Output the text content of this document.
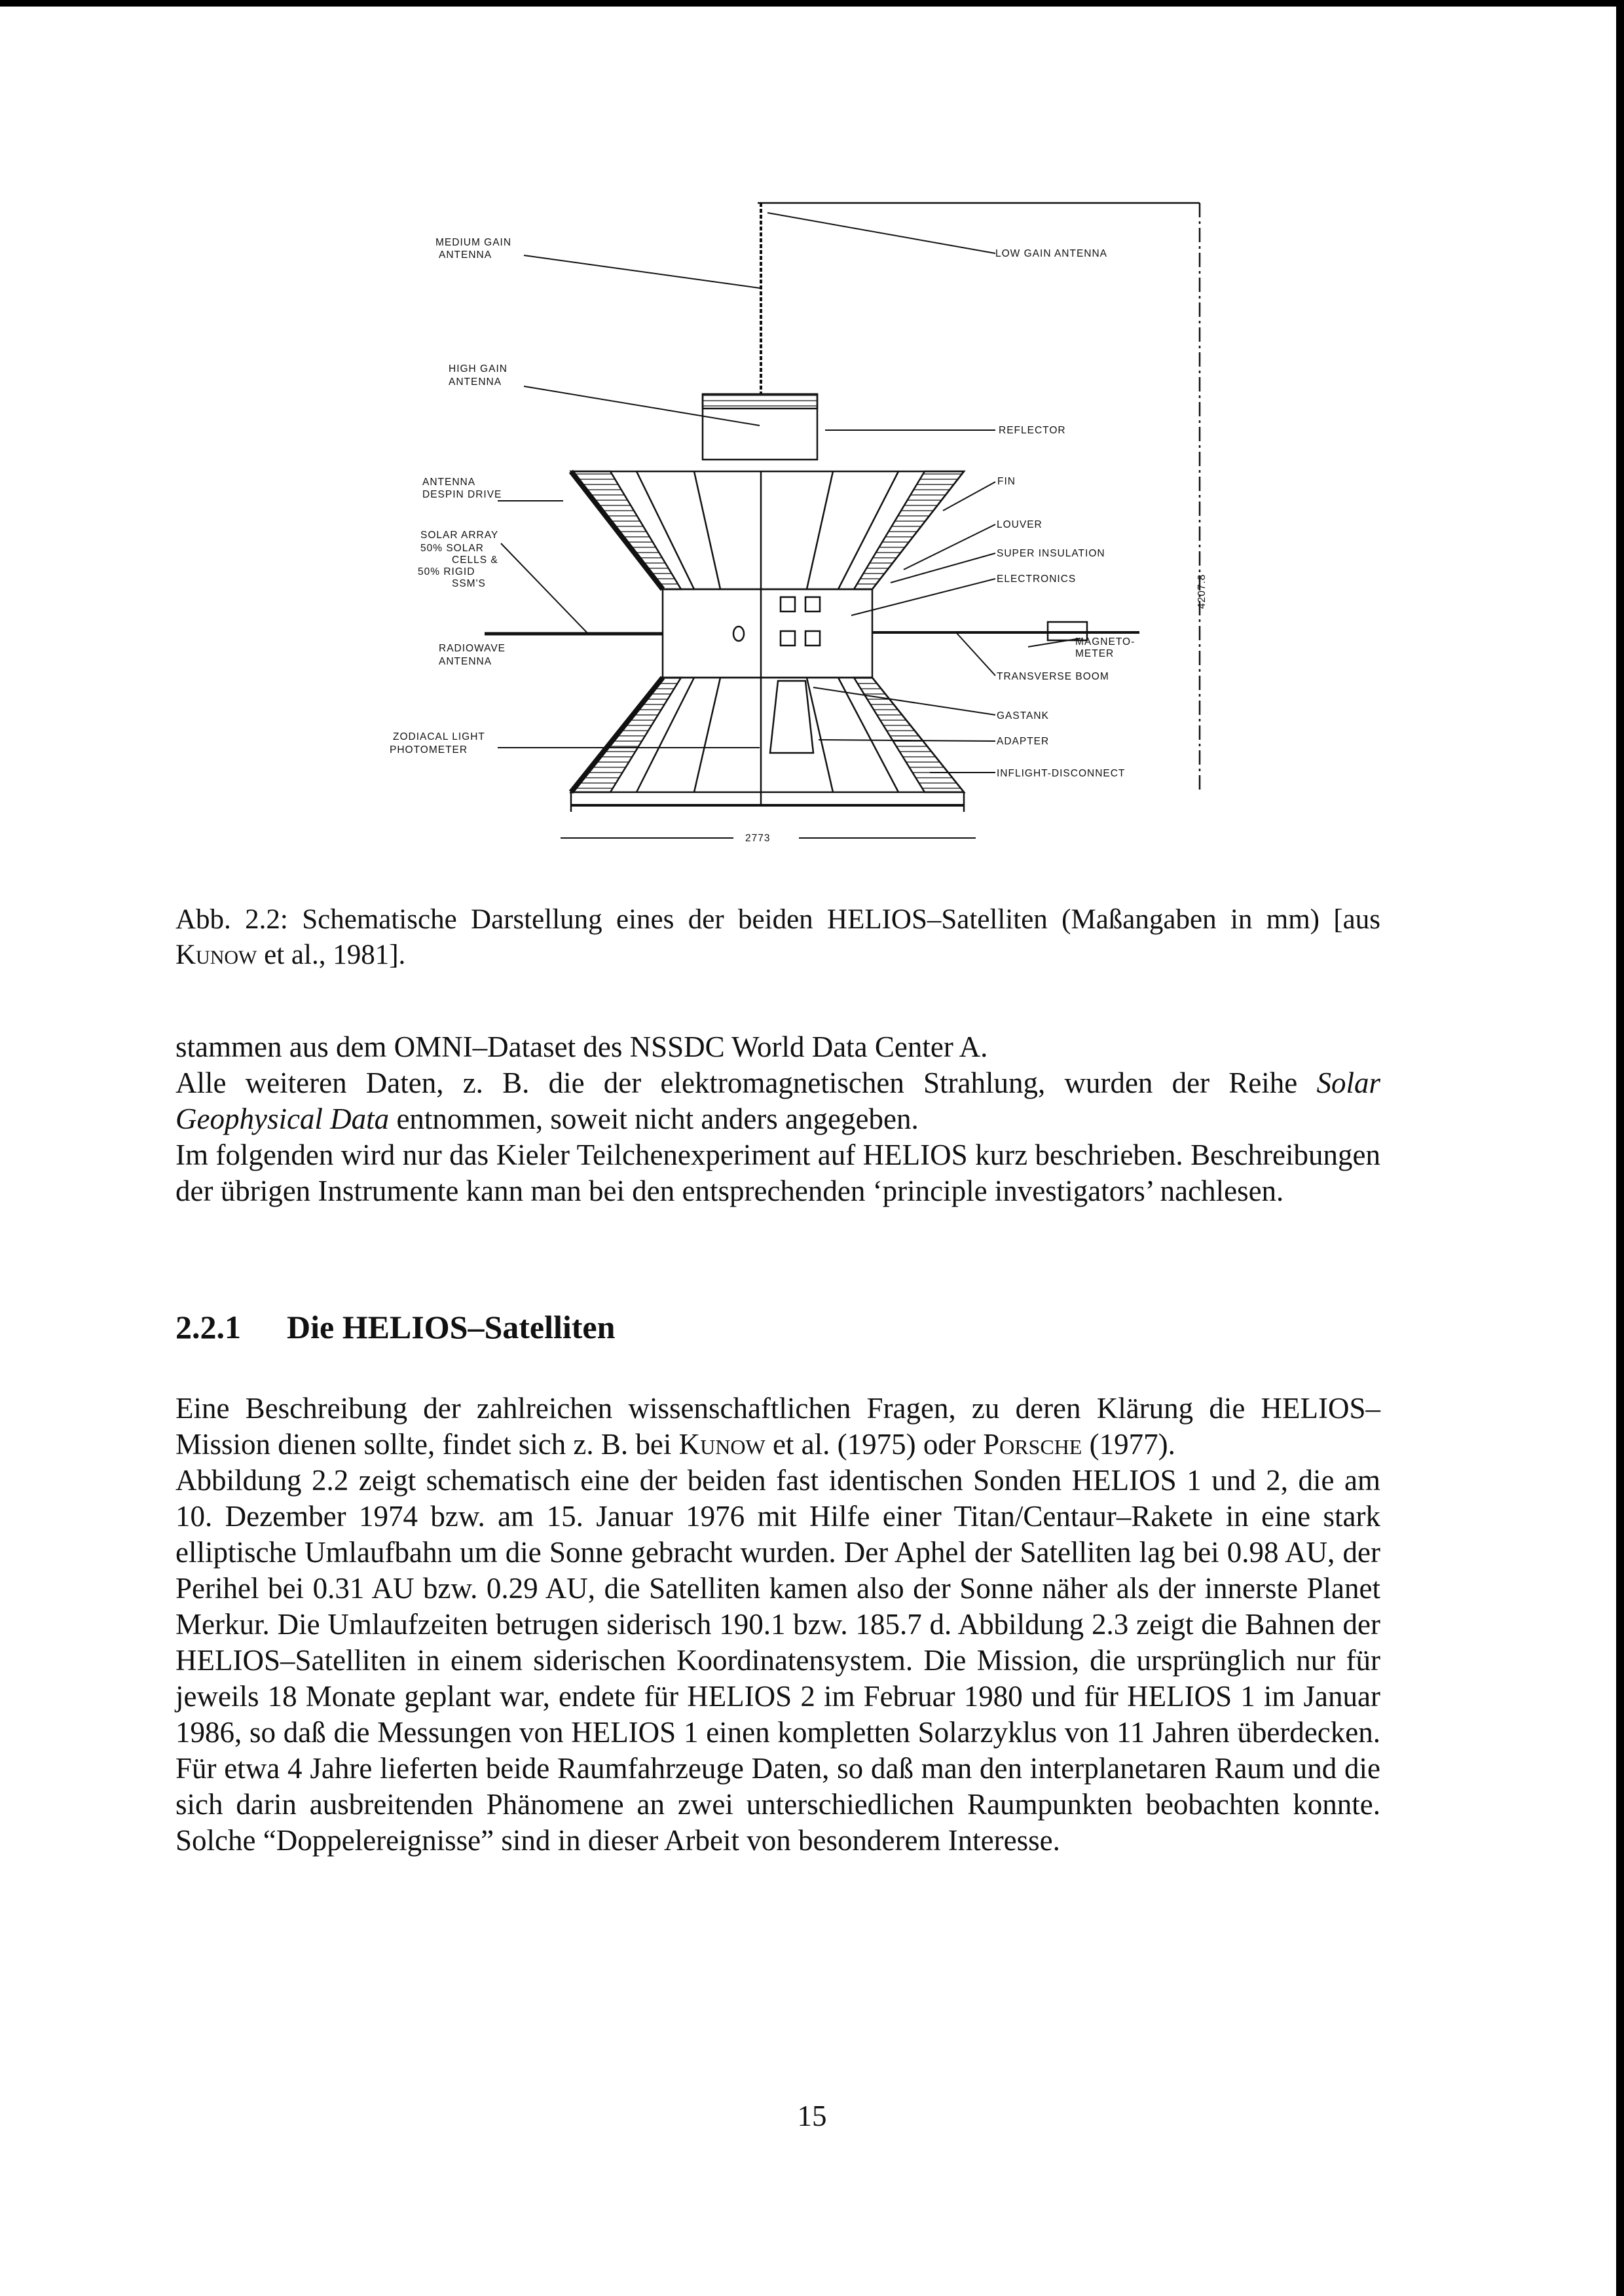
MEDIUM GAIN
ANTENNA	LOW GAIN ANTENNA
HIGH GAIN
ANTENNA
REFLECTOR
ANTENNA
DESPIN DRIVE
FIN
SOLAR ARRAY
50% SOLAR
CELLS &
50% RIGID
SSM'S
LOUVER
SUPER INSULATION
ELECTRONICS	4207.8
MAGNETO-
METER
RADIOWAVE
ANTENNA
TRANSVERSE BOOM
GASTANK
ZODIACAL LIGHT
PHOTOMETER
ADAPTER
INFLIGHT-DISCONNECT
2773
Abb. 2.2: Schematische Darstellung eines der beiden HELIOS–Satelliten (Maßangaben in mm) [aus Kunow et al., 1981].

stammen aus dem OMNI–Dataset des NSSDC World Data Center A.

Alle weiteren Daten, z. B. die der elektromagnetischen Strahlung, wurden der Reihe Solar Geophysical Data entnommen, soweit nicht anders angegeben.

Im folgenden wird nur das Kieler Teilchenexperiment auf HELIOS kurz beschrieben. Beschreibungen der übrigen Instrumente kann man bei den entsprechenden ‘principle investigators’ nachlesen.

2.2.1 Die HELIOS–Satelliten

Eine Beschreibung der zahlreichen wissenschaftlichen Fragen, zu deren Klärung die HELIOS–Mission dienen sollte, findet sich z. B. bei Kunow et al. (1975) oder Porsche (1977).

Abbildung 2.2 zeigt schematisch eine der beiden fast identischen Sonden HELIOS 1 und 2, die am 10. Dezember 1974 bzw. am 15. Januar 1976 mit Hilfe einer Titan/Centaur–Rakete in eine stark elliptische Umlaufbahn um die Sonne gebracht wurden. Der Aphel der Satelliten lag bei 0.98 AU, der Perihel bei 0.31 AU bzw. 0.29 AU, die Satelliten kamen also der Sonne näher als der innerste Planet Merkur. Die Umlaufzeiten betrugen siderisch 190.1 bzw. 185.7 d. Abbildung 2.3 zeigt die Bahnen der HELIOS–Satelliten in einem siderischen Koordinatensystem. Die Mission, die ursprünglich nur für jeweils 18 Monate geplant war, endete für HELIOS 2 im Februar 1980 und für HELIOS 1 im Januar 1986, so daß die Messungen von HELIOS 1 einen kompletten Solarzyklus von 11 Jahren überdecken. Für etwa 4 Jahre lieferten beide Raumfahrzeuge Daten, so daß man den interplanetaren Raum und die sich darin ausbreitenden Phänomene an zwei unterschiedlichen Raumpunkten beobachten konnte. Solche “Doppelereignisse” sind in dieser Arbeit von besonderem Interesse.

15
